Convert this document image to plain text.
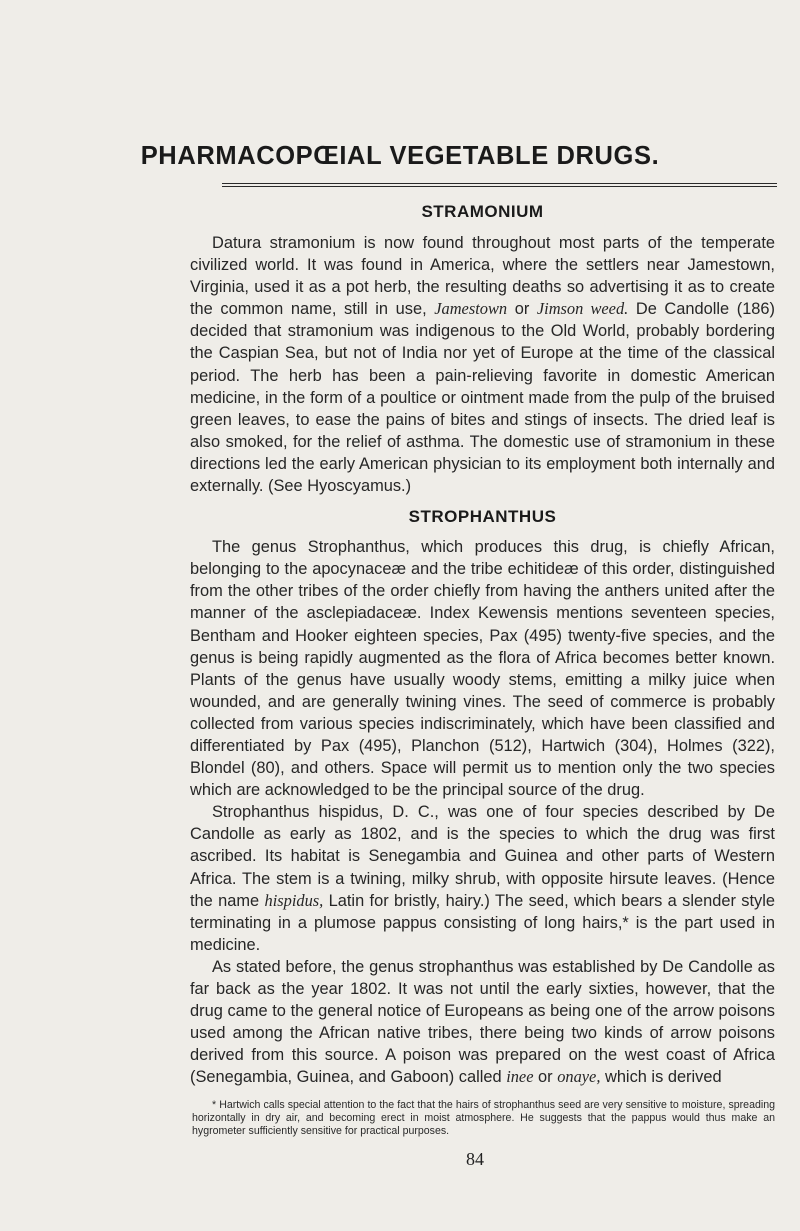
PHARMACOPŒIAL VEGETABLE DRUGS.
STRAMONIUM

Datura stramonium is now found throughout most parts of the temperate civilized world. It was found in America, where the settlers near Jamestown, Virginia, used it as a pot herb, the resulting deaths so advertising it as to create the common name, still in use, Jamestown or Jimson weed. De Candolle (186) decided that stramonium was indigenous to the Old World, probably bordering the Caspian Sea, but not of India nor yet of Europe at the time of the classical period. The herb has been a pain-relieving favorite in domestic American medicine, in the form of a poultice or ointment made from the pulp of the bruised green leaves, to ease the pains of bites and stings of insects. The dried leaf is also smoked, for the relief of asthma. The domestic use of stramonium in these directions led the early American physician to its employment both internally and externally. (See Hyoscyamus.)

STROPHANTHUS

The genus Strophanthus, which produces this drug, is chiefly African, belonging to the apocynaceæ and the tribe echitideæ of this order, distinguished from the other tribes of the order chiefly from having the anthers united after the manner of the asclepiadaceæ. Index Kewensis mentions seventeen species, Bentham and Hooker eighteen species, Pax (495) twenty-five species, and the genus is being rapidly augmented as the flora of Africa becomes better known. Plants of the genus have usually woody stems, emitting a milky juice when wounded, and are generally twining vines. The seed of commerce is probably collected from various species indiscriminately, which have been classified and differentiated by Pax (495), Planchon (512), Hartwich (304), Holmes (322), Blondel (80), and others. Space will permit us to mention only the two species which are acknowledged to be the principal source of the drug.

Strophanthus hispidus, D. C., was one of four species described by De Candolle as early as 1802, and is the species to which the drug was first ascribed. Its habitat is Senegambia and Guinea and other parts of Western Africa. The stem is a twining, milky shrub, with opposite hirsute leaves. (Hence the name hispidus, Latin for bristly, hairy.) The seed, which bears a slender style terminating in a plumose pappus consisting of long hairs,* is the part used in medicine.

As stated before, the genus strophanthus was established by De Candolle as far back as the year 1802. It was not until the early sixties, however, that the drug came to the general notice of Europeans as being one of the arrow poisons used among the African native tribes, there being two kinds of arrow poisons derived from this source. A poison was prepared on the west coast of Africa (Senegambia, Guinea, and Gaboon) called inee or onaye, which is derived

* Hartwich calls special attention to the fact that the hairs of strophanthus seed are very sensitive to moisture, spreading horizontally in dry air, and becoming erect in moist atmosphere. He suggests that the pappus would thus make an hygrometer sufficiently sensitive for practical purposes.
84
